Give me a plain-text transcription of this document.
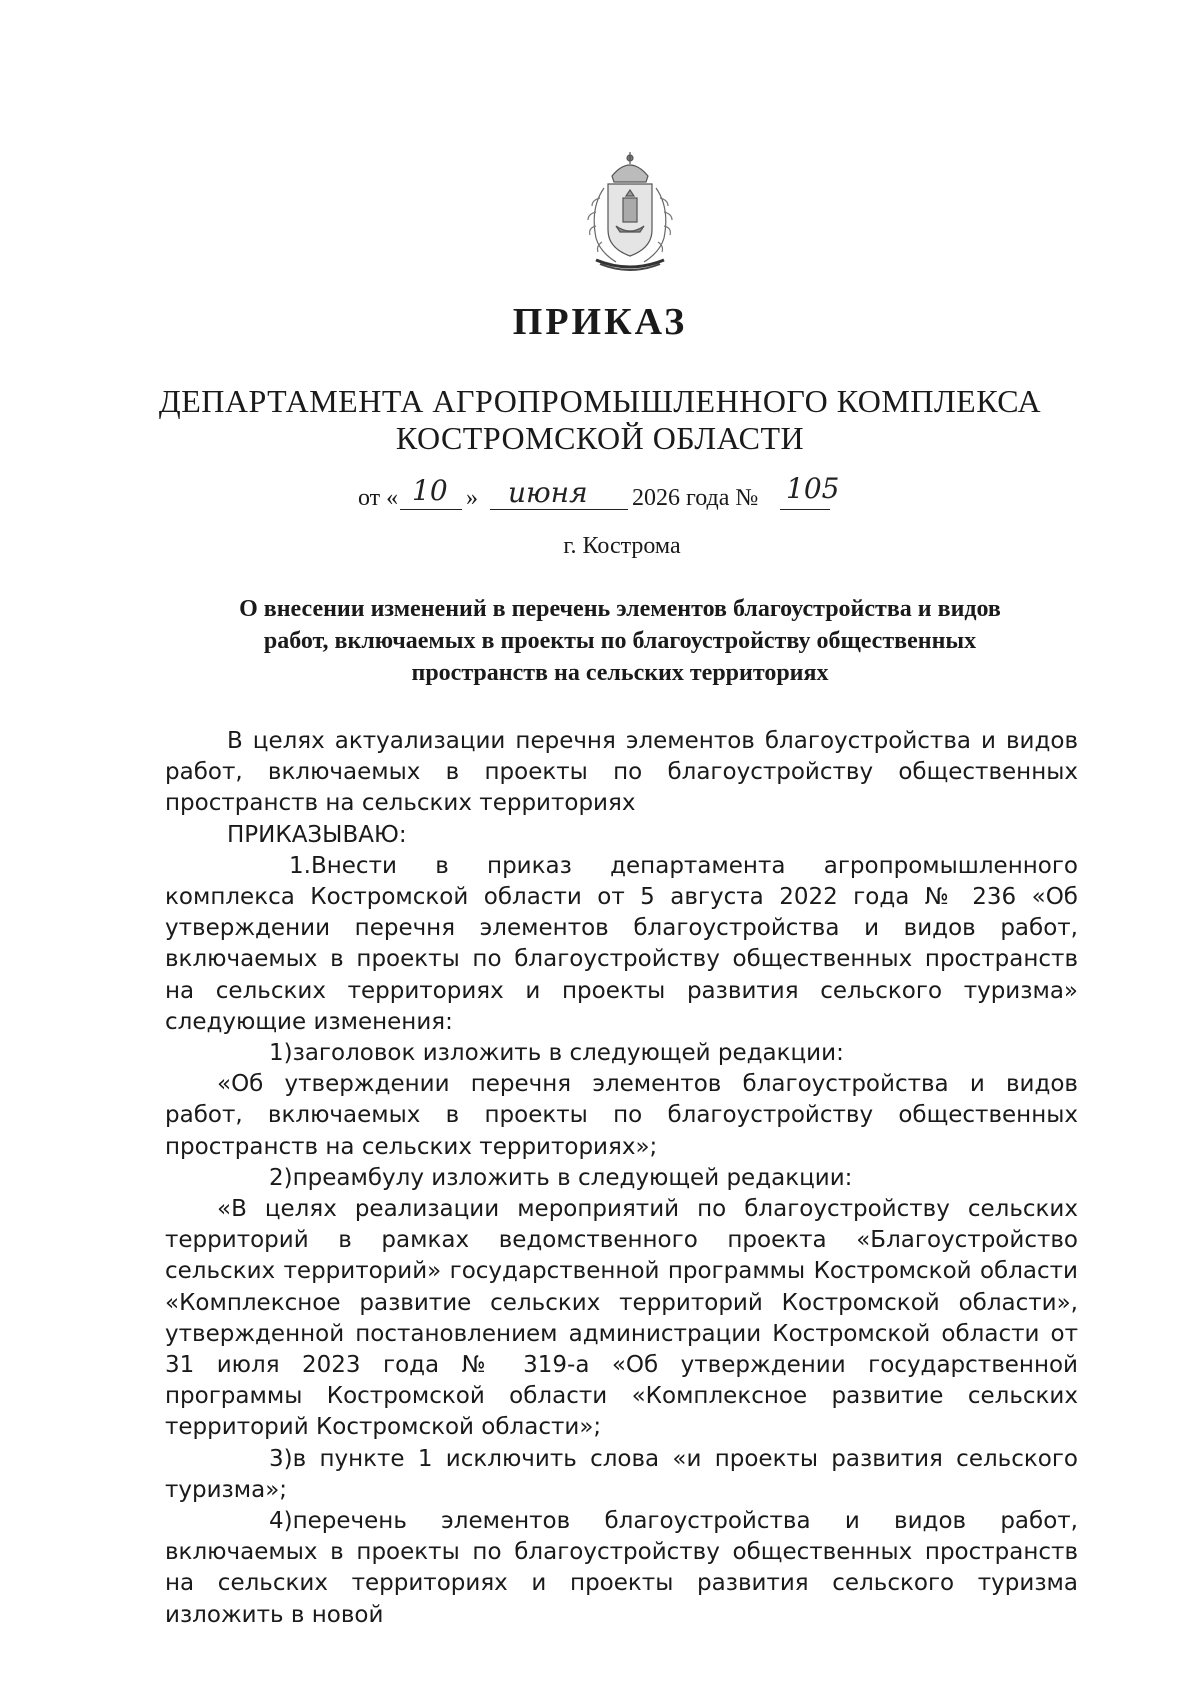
ПРИКАЗ
ДЕПАРТАМЕНТА АГРОПРОМЫШЛЕННОГО КОМПЛЕКСА
КОСТРОМСКОЙ ОБЛАСТИ
от « 10 » июня 2026 года № 105
г. Кострома
О внесении изменений в перечень элементов благоустройства и видов
работ, включаемых в проекты по благоустройству общественных
пространств на сельских территориях

В целях актуализации перечня элементов благоустройства и видов работ, включаемых в проекты по благоустройству общественных пространств на сельских территориях

ПРИКАЗЫВАЮ:

1.Внести в приказ департамента агропромышленного комплекса Костромской области от 5 августа 2022 года № 236 «Об утверждении перечня элементов благоустройства и видов работ, включаемых в проекты по благоустройству общественных пространств на сельских территориях и проекты развития сельского туризма» следующие изменения:

1)заголовок изложить в следующей редакции:

«Об утверждении перечня элементов благоустройства и видов работ, включаемых в проекты по благоустройству общественных пространств на сельских территориях»;

2)преамбулу изложить в следующей редакции:

«В целях реализации мероприятий по благоустройству сельских территорий в рамках ведомственного проекта «Благоустройство сельских территорий» государственной программы Костромской области «Комплексное развитие сельских территорий Костромской области», утвержденной постановлением администрации Костромской области от 31 июля 2023 года № 319-а «Об утверждении государственной программы Костромской области «Комплексное развитие сельских территорий Костромской области»;

3)в пункте 1 исключить слова «и проекты развития сельского туризма»;

4)перечень элементов благоустройства и видов работ, включаемых в проекты по благоустройству общественных пространств на сельских территориях и проекты развития сельского туризма изложить в новой
